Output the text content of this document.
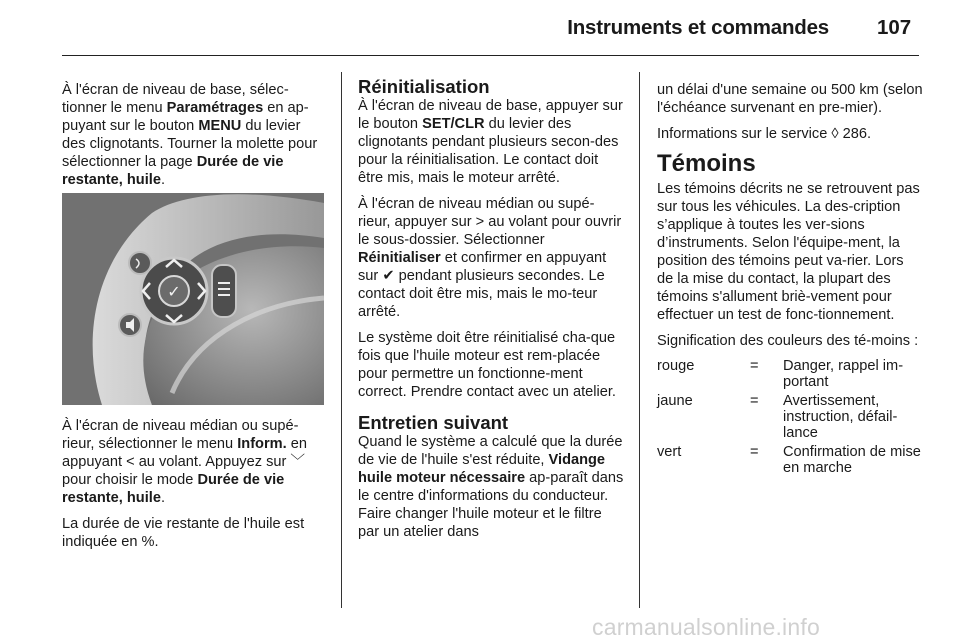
Instruments et commandes 107

À l'écran de niveau de base, sélec-tionner le menu Paramétrages en ap-puyant sur le bouton MENU du levier des clignotants. Tourner la molette pour sélectionner la page Durée de vie restante, huile.

✓

À l'écran de niveau médian ou supé-rieur, sélectionner le menu Inform. en appuyant < au volant. Appuyez sur ﹀ pour choisir le mode Durée de vie restante, huile.

La durée de vie restante de l'huile est indiquée en %.

Réinitialisation

À l'écran de niveau de base, appuyer sur le bouton SET/CLR du levier des clignotants pendant plusieurs secon-des pour la réinitialisation. Le contact doit être mis, mais le moteur arrêté.

À l'écran de niveau médian ou supé-rieur, appuyer sur > au volant pour ouvrir le sous-dossier. Sélectionner Réinitialiser et confirmer en appuyant sur ✔ pendant plusieurs secondes. Le contact doit être mis, mais le mo-teur arrêté.

Le système doit être réinitialisé cha-que fois que l'huile moteur est rem-placée pour permettre un fonctionne-ment correct. Prendre contact avec un atelier.

Entretien suivant

Quand le système a calculé que la durée de vie de l'huile s'est réduite, Vidange huile moteur nécessaire ap-paraît dans le centre d'informations du conducteur. Faire changer l'huile moteur et le filtre par un atelier dans

un délai d'une semaine ou 500 km (selon l'échéance survenant en pre-mier).

Informations sur le service ◊ 286.

Témoins

Les témoins décrits ne se retrouvent pas sur tous les véhicules. La des-cription s’applique à toutes les ver-sions d’instruments. Selon l'équipe-ment, la position des témoins peut va-rier. Lors de la mise du contact, la plupart des témoins s'allument briè-vement pour effectuer un test de fonc-tionnement.

Signification des couleurs des té-moins :

rouge	=	Danger, rappel im-portant
jaune	=	Avertissement, instruction, défail-lance
vert	=	Confirmation de mise en marche
carmanualsonline.info
